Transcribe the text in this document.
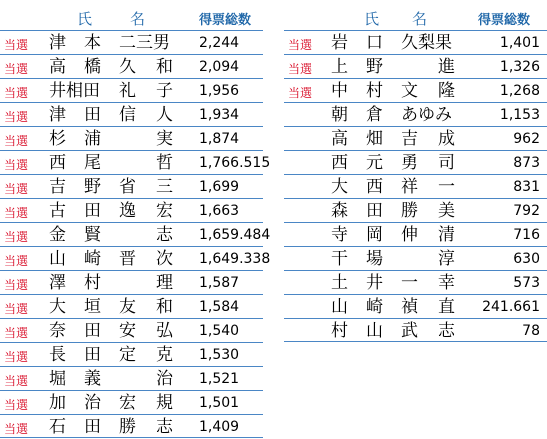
氏	名	得票総数
当選 津 本 二三男 2,244
当選 高 橋 久 和 2,094
当選 井相田 礼 子 1,956
当選 津 田 信 人 1,934
当選 杉 浦	実 1,874
当選 西 尾	哲 1,766.515
当選 吉 野 省 三 1,699
当選 古 田 逸 宏 1,663
当選 金 賢	志 1,659.484
当選 山 崎 晋 次 1,649.338
当選 澤 村	理 1,587
当選 大 垣 友 和 1,584
当選 奈 田 安 弘 1,540
当選 長 田 定 克 1,530
当選 堀 義	治 1,521
当選 加 治 宏 規 1,501
当選 石 田 勝 志 1,409
氏 名	得票総数
当選 岩 口 久梨果	1,401
当選 上 野	進	1,326
当選 中 村 文 隆	1,268
朝 倉 あゆみ	1,153
高 畑 吉 成	962
西 元 勇 司	873
大 西 祥 一	831
森 田 勝 美	792
寺 岡 伸 清	716
干 場	淳	630
土 井 一 幸	573
山 崎 禎 直 241.661
村 山 武 志	78
